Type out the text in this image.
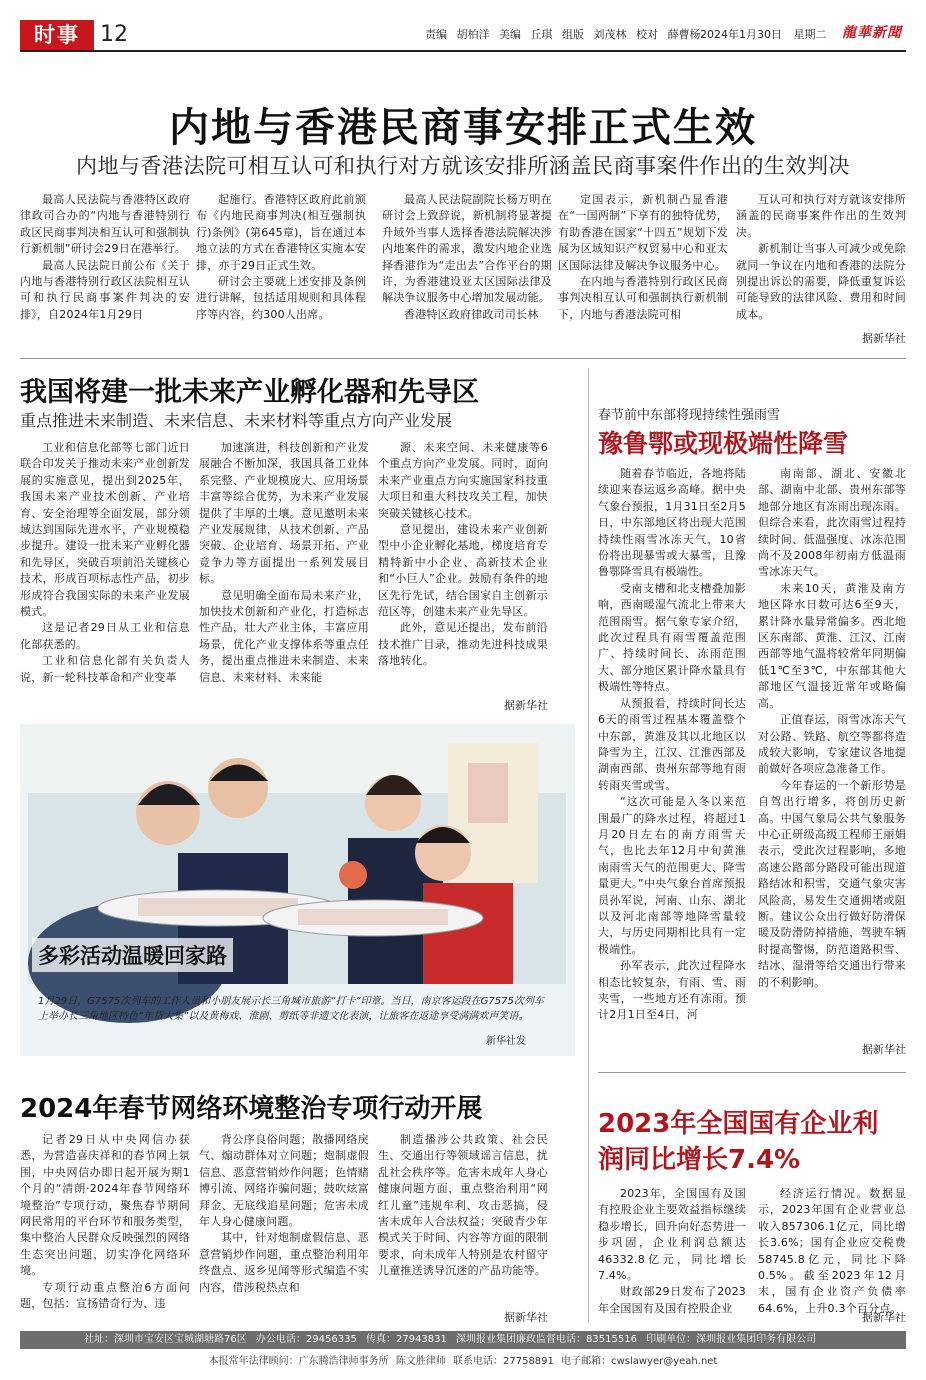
时事 12	责编 胡柏洋 美编 丘琪 组版 刘茂林 校对 薛曹杨 2024年1月30日 星期二 龍華新聞
内地与香港民商事安排正式生效
内地与香港法院可相互认可和执行对方就该安排所涵盖民商事案件作出的生效判决

最高人民法院与香港特区政府律政司合办的“内地与香港特别行政区民商事判决相互认可和强制执行新机制”研讨会29日在港举行。

最高人民法院日前公布《关于内地与香港特别行政区法院相互认可和执行民商事案件判决的安排》，自2024年1月29日

起施行。香港特区政府此前颁布《内地民商事判决(相互强制执行)条例》(第645章)，旨在通过本地立法的方式在香港特区实施本安排，亦于29日正式生效。

研讨会主要就上述安排及条例进行讲解，包括适用规则和具体程序等内容，约300人出席。

最高人民法院副院长杨万明在研讨会上致辞说，新机制将显著提升域外当事人选择香港法院解决涉内地案件的需求，激发内地企业选择香港作为“走出去”合作平台的期许，为香港建设亚太区国际法律及解决争议服务中心增加发展动能。

香港特区政府律政司司长林

定国表示，新机制凸显香港在“一国两制”下享有的独特优势，有助香港在国家“十四五”规划下发展为区域知识产权贸易中心和亚太区国际法律及解决争议服务中心。

在内地与香港特别行政区民商事判决相互认可和强制执行新机制下，内地与香港法院可相

互认可和执行对方就该安排所涵盖的民商事案件作出的生效判决。

新机制让当事人可减少或免除就同一争议在内地和香港的法院分别提出诉讼的需要，降低重复诉讼可能导致的法律风险、费用和时间成本。

据新华社
我国将建一批未来产业孵化器和先导区
重点推进未来制造、未来信息、未来材料等重点方向产业发展

工业和信息化部等七部门近日联合印发关于推动未来产业创新发展的实施意见，提出到2025年，我国未来产业技术创新、产业培育、安全治理等全面发展，部分领域达到国际先进水平，产业规模稳步提升。建设一批未来产业孵化器和先导区，突破百项前沿关键核心技术，形成百项标志性产品，初步形成符合我国实际的未来产业发展模式。

这是记者29日从工业和信息化部获悉的。

工业和信息化部有关负责人说，新一轮科技革命和产业变革

加速演进，科技创新和产业发展融合不断加深，我国具备工业体系完整、产业规模庞大、应用场景丰富等综合优势，为未来产业发展提供了丰厚的土壤。意见邀明未来产业发展规律，从技术创新、产品突破、企业培育、场景开拓、产业竞争力等方面提出一系列发展目标。

意见明确全面布局未来产业，加快技术创新和产业化，打造标志性产品，壮大产业主体，丰富应用场景，优化产业支撑体系等重点任务，提出重点推进未来制造、未来信息、未来材料、未来能

源、未来空间、未来健康等6个重点方向产业发展。同时，面向未来产业重点方向实施国家科技重大项目和重大科技攻关工程，加快突破关键核心技术。

意见提出，建设未来产业创新型中小企业孵化基地，梯度培育专精特新中小企业、高新技术企业和“小巨人”企业。鼓励有条件的地区先行先试，结合国家自主创新示范区等，创建未来产业先导区。

此外，意见还提出，发布前沿技术推广目录，推动先进科技成果落地转化。

据新华社
多彩活动温暖回家路
1月29日，G7575次列车的工作人员和小朋友展示长三角城市旅游“打卡”印章。当日，南京客运段在G7575次列车上举办长三角地区特色“年货大集”以及黄梅戏、淮剧、剪纸等非遗文化表演，让旅客在返途享受满满欢声笑语。
新华社发
春节前中东部将现持续性强雨雪
豫鲁鄂或现极端性降雪

随着春节临近，各地将陆续迎来春运返乡高峰。据中央气象台预报，1月31日至2月5日，中东部地区将出现大范围持续性雨雪冰冻天气，10省份将出现暴雪或大暴雪，且豫鲁鄂降雪具有极端性。

受南支槽和北支槽叠加影响，西南暖湿气流北上带来大范围雨雪。据气象专家介绍，此次过程具有雨雪覆盖范围广、持续时间长、冻雨范围大、部分地区累计降水量具有极端性等特点。

从预报看，持续时间长达6天的雨雪过程基本覆盖整个中东部，黄淮及其以北地区以降雪为主，江汉、江淮西部及湖南西部、贵州东部等地有雨转雨夹雪或雪。

“这次可能是入冬以来范围最广的降水过程，将超过1月20日左右的南方雨雪天气，也比去年12月中旬黄淮南雨雪天气的范围更大、降雪量更大。”中央气象台首席预报员孙军说，河南、山东、湖北以及河北南部等地降雪量较大，与历史同期相比具有一定极端性。

孙军表示，此次过程降水相态比较复杂，有雨、雪、雨夹雪，一些地方还有冻雨。预计2月1日至4日，河

南南部、湖北、安徽北部、湖南中北部、贵州东部等地部分地区有冻雨出现冻雨。但综合来看，此次雨雪过程持续时间、低温强度、冰冻范围尚不及2008年初南方低温雨雪冰冻天气。

未来10天，黄淮及南方地区降水日数可达6至9天，累计降水量异常偏多。西北地区东南部、黄淮、江汉、江南西部等地气温将较常年同期偏低1℃至3℃，中东部其他大部地区气温接近常年或略偏高。

正值春运，雨雪冰冻天气对公路、铁路、航空等都将造成较大影响，专家建议各地提前做好各项应急准备工作。

今年春运的一个新形势是自驾出行增多，将创历史新高。中国气象局公共气象服务中心正研级高级工程师王丽娟表示，受此次过程影响，多地高速公路部分路段可能出现道路结冰和积雪，交通气象灾害风险高，易发生交通拥堵或阻断。建议公众出行做好防滑保暖及防滑防掉措施，驾驶车辆时提高警惕，防范道路积雪、结冰、湿滑等给交通出行带来的不利影响。

据新华社
2024年春节网络环境整治专项行动开展

记者29日从中央网信办获悉，为营造喜庆祥和的春节网上氛围，中央网信办即日起开展为期1个月的“清朗·2024年春节网络环境整治”专项行动，聚焦春节期间网民常用的平台环节和服务类型，集中整治人民群众反映强烈的网络生态突出问题，切实净化网络环境。

专项行动重点整治6方面问题，包括：宣扬错奇行为、违

背公序良俗问题；散播网络戾气、煽动群体对立问题；炮制虚假信息、恶意营销炒作问题；色情赌博引流、网络诈骗问题；鼓吹炫富拜金、无底线追星问题；危害未成年人身心健康问题。

其中，针对炮制虚假信息、恶意营销炒作问题，重点整治利用年终盘点、返乡见闻等形式编造不实内容，借涉税热点和

制造播涉公共政策、社会民生、交通出行等领域谣言信息，扰乱社会秩序等。危害未成年人身心健康问题方面，重点整治利用“网红儿童”违规牟利、攻击恶搞，侵害未成年人合法权益；突破青少年模式关于时间、内容等方面的限制要求，向未成年人特别是农村留守儿童推送诱导沉迷的产品功能等。

据新华社
2023年全国国有企业利润同比增长7.4%

2023年，全国国有及国有控股企业主要效益指标继续稳步增长，回升向好态势进一步巩固，企业利润总额达46332.8亿元，同比增长7.4%。

财政部29日发布了2023年全国国有及国有控股企业

经济运行情况。数据显示，2023年国有企业营业总收入857306.1亿元，同比增长3.6%；国有企业应交税费58745.8亿元，同比下降0.5%。截至2023年12月末，国有企业资产负债率64.6%，上升0.3个百分点。

据新华社
社址：深圳市宝安区宝城湖塘路76区 办公电话：29456335 传真：27943831 深圳报业集团廉政监督电话：83515516 印刷单位：深圳报业集团印务有限公司
本报常年法律顾问：广东腾浩律师事务所 陈文胜律师 联系电话：27758891 电子邮箱：cwslawyer@yeah.net
